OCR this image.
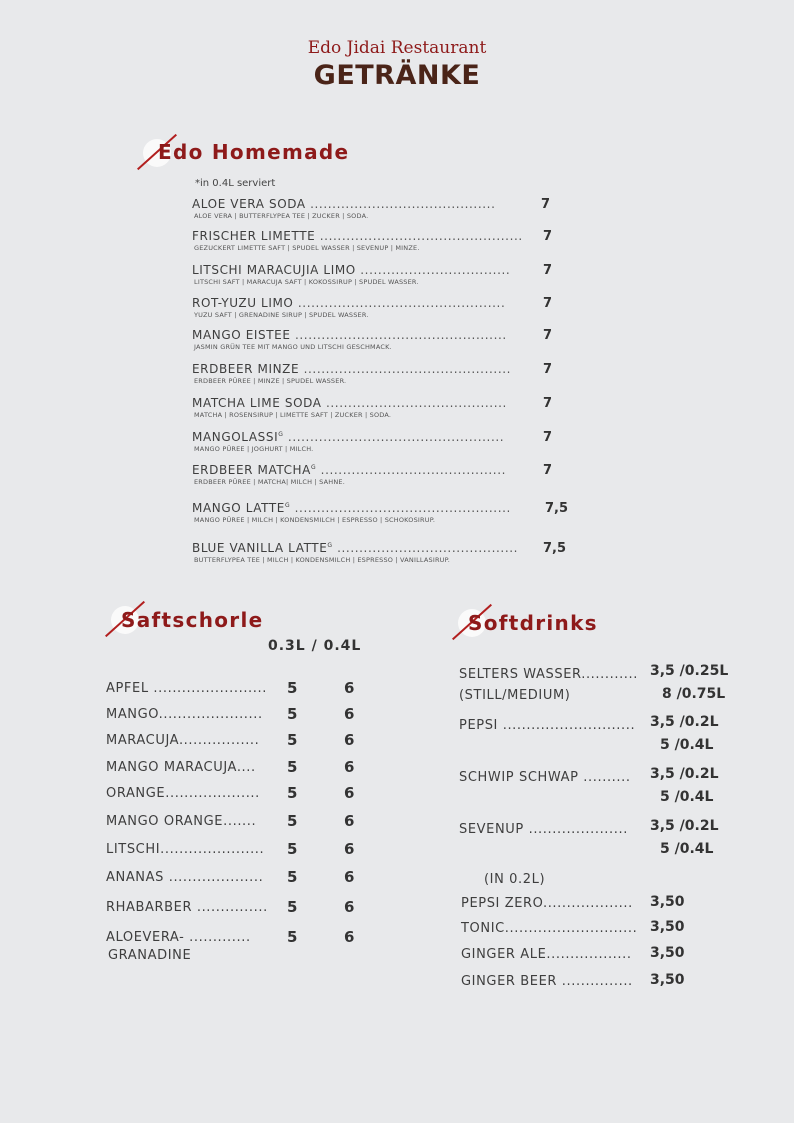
Edo Jidai Restaurant
GETRÄNKE
Edo Homemade
*in 0.4L serviert
ALOE VERA SODA ..........................................
ALOE VERA | BUTTERFLYPEA TEE | ZUCKER | SODA.
7
FRISCHER LIMETTE ..............................................
GEZUCKERT LIMETTE SAFT | SPUDEL WASSER | SEVENUP | MINZE.
7
LITSCHI MARACUJIA LIMO ..................................
LITSCHI SAFT | MARACUJA SAFT | KOKOSSIRUP | SPUDEL WASSER.
7
ROT-YUZU LIMO ...............................................
YUZU SAFT | GRENADINE SIRUP | SPUDEL WASSER.
7
MANGO EISTEE ................................................
JASMIN GRÜN TEE MIT MANGO UND LITSCHI GESCHMACK.
7
ERDBEER MINZE ...............................................
ERDBEER PÜREE | MINZE | SPUDEL WASSER.
7
MATCHA LIME SODA .........................................
MATCHA | ROSENSIRUP | LIMETTE SAFT | ZUCKER | SODA.
7
$MANGOLASSI^G$ .................................................
MANGO PÜREE | JOGHURT | MILCH.
7
ERDBEER $MATCHA^G$ ..........................................
ERDBEER PÜREE | MATCHA| MILCH | SAHNE.
7
MANGO $LATTE^G$ .................................................
MANGO PÜREE | MILCH | KONDENSMILCH | ESPRESSO | SCHOKOSIRUP.
7,5
BLUE VANILLA $LATTE^G$ .........................................
BUTTERFLYPEA TEE | MILCH | KONDENSMILCH | ESPRESSO | VANILLASIRUP.
7,5
Saftschorle
0.3L / 0.4L
APFEL ........................ 5	6
MANGO...................... 5	6
MARACUJA................. 5	6
MANGO MARACUJA.... 5	6
ORANGE.................... 5	6
MANGO ORANGE....... 5	6
LITSCHI...................... 5	6
ANANAS .................... 5	6
RHABARBER ............... 5	6
ALOEVERA- .............
GRANADINE
5	6
Softdrinks
SELTERS WASSER............ 3,5 /0.25L
(STILL/MEDIUM)	8 /0.75L
PEPSI ............................ 3,5 /0.2L
5 /0.4L
SCHWIP SCHWAP .......... 3,5 /0.2L
5 /0.4L
SEVENUP ..................... 3,5 /0.2L
5 /0.4L
(IN 0.2L)
PEPSI ZERO................... 3,50
TONIC............................ 3,50
GINGER ALE.................. 3,50
GINGER BEER ............... 3,50
